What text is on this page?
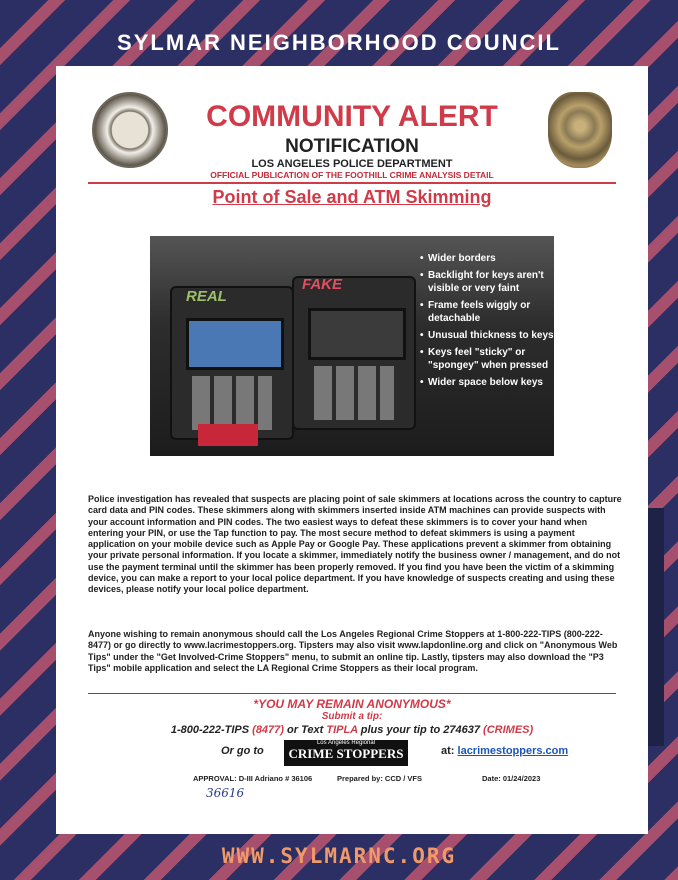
SYLMAR NEIGHBORHOOD COUNCIL
COMMUNITY ALERT
NOTIFICATION
LOS ANGELES POLICE DEPARTMENT
OFFICIAL PUBLICATION OF THE FOOTHILL CRIME ANALYSIS DETAIL
Point of Sale and ATM Skimming
REAL
FAKE
• Wider borders
• Backlight for keys aren't visible or very faint
• Frame feels wiggly or detachable
• Unusual thickness to keys
• Keys feel "sticky" or "spongey" when pressed
• Wider space below keys
Police investigation has revealed that suspects are placing point of sale skimmers at locations across the country to capture card data and PIN codes. These skimmers along with skimmers inserted inside ATM machines can provide suspects with your account information and PIN codes. The two easiest ways to defeat these skimmers is to cover your hand when entering your PIN, or use the Tap function to pay. The most secure method to defeat skimmers is using a payment application on your mobile device such as Apple Pay or Google Pay. These applications prevent a skimmer from obtaining your private personal information. If you locate a skimmer, immediately notify the business owner / management, and do not use the payment terminal until the skimmer has been properly removed. If you find you have been the victim of a skimming device, you can make a report to your local police department. If you have knowledge of suspects creating and using these devices, please notify your local police department.
Anyone wishing to remain anonymous should call the Los Angeles Regional Crime Stoppers at 1-800-222-TIPS (800-222-8477) or go directly to www.lacrimestoppers.org. Tipsters may also visit www.lapdonline.org and click on "Anonymous Web Tips" under the "Get Involved-Crime Stoppers" menu, to submit an online tip. Lastly, tipsters may also download the "P3 Tips" mobile application and select the LA Regional Crime Stoppers as their local program.
*YOU MAY REMAIN ANONYMOUS*
Submit a tip:
1-800-222-TIPS (8477) or Text TIPLA plus your tip to 274637 (CRIMES)
Or go to
Los Angeles Regional
CRIME STOPPERS	at: lacrimestoppers.com
APPROVAL: D-III Adriano # 36106	Prepared by: CCD / VFS	Date: 01/24/2023
36616
WWW.SYLMARNC.ORG
